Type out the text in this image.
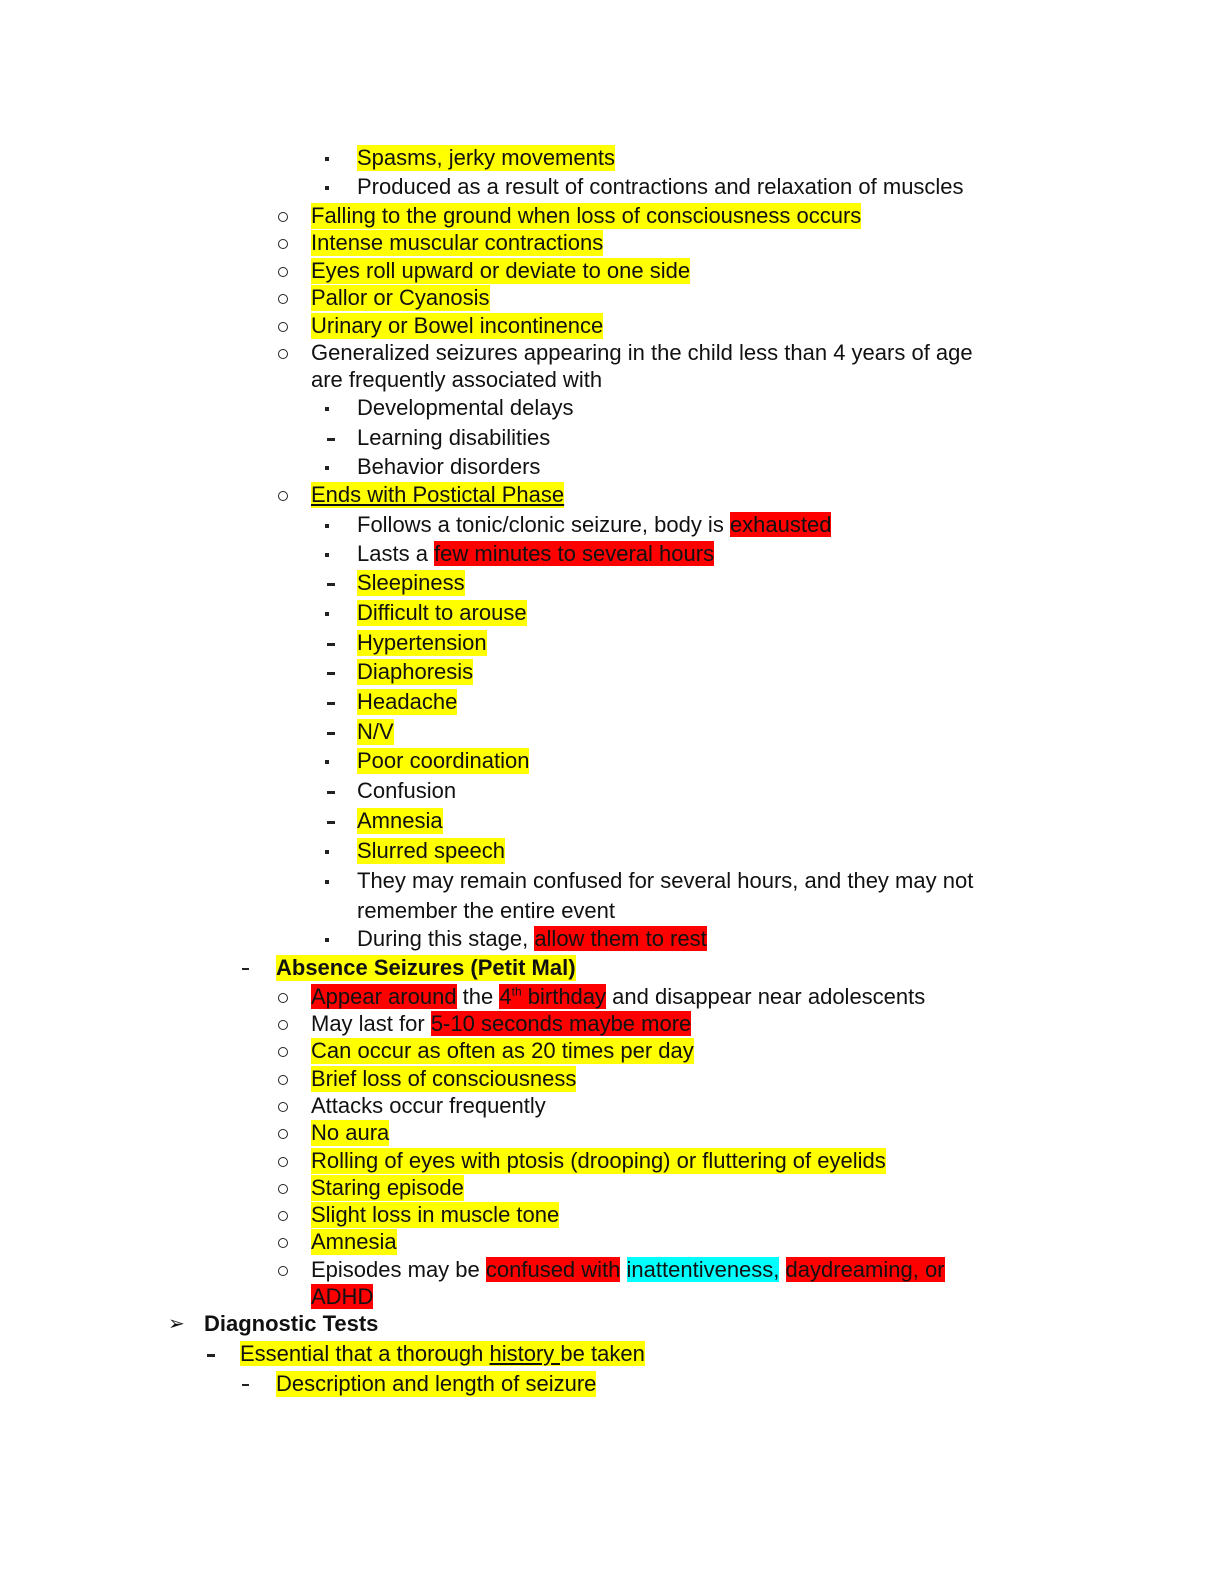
Spasms, jerky movements
Produced as a result of contractions and relaxation of muscles
Falling to the ground when loss of consciousness occurs
Intense muscular contractions
Eyes roll upward or deviate to one side
Pallor or Cyanosis
Urinary or Bowel incontinence
Generalized seizures appearing in the child less than 4 years of age
are frequently associated with
Developmental delays
Learning disabilities
Behavior disorders
Ends with Postictal Phase
Follows a tonic/clonic seizure, body is exhausted
Lasts a few minutes to several hours
Sleepiness
Difficult to arouse
Hypertension
Diaphoresis
Headache
N/V
Poor coordination
Confusion
Amnesia
Slurred speech
They may remain confused for several hours, and they may not
remember the entire event
During this stage, allow them to rest
Absence Seizures (Petit Mal)
Appear around the 4th birthday and disappear near adolescents
May last for 5-10 seconds maybe more
Can occur as often as 20 times per day
Brief loss of consciousness
Attacks occur frequently
No aura
Rolling of eyes with ptosis (drooping) or fluttering of eyelids
Staring episode
Slight loss in muscle tone
Amnesia
Episodes may be confused with inattentiveness, daydreaming, or
ADHD
➢ Diagnostic Tests
Essential that a thorough history be taken
Description and length of seizure
